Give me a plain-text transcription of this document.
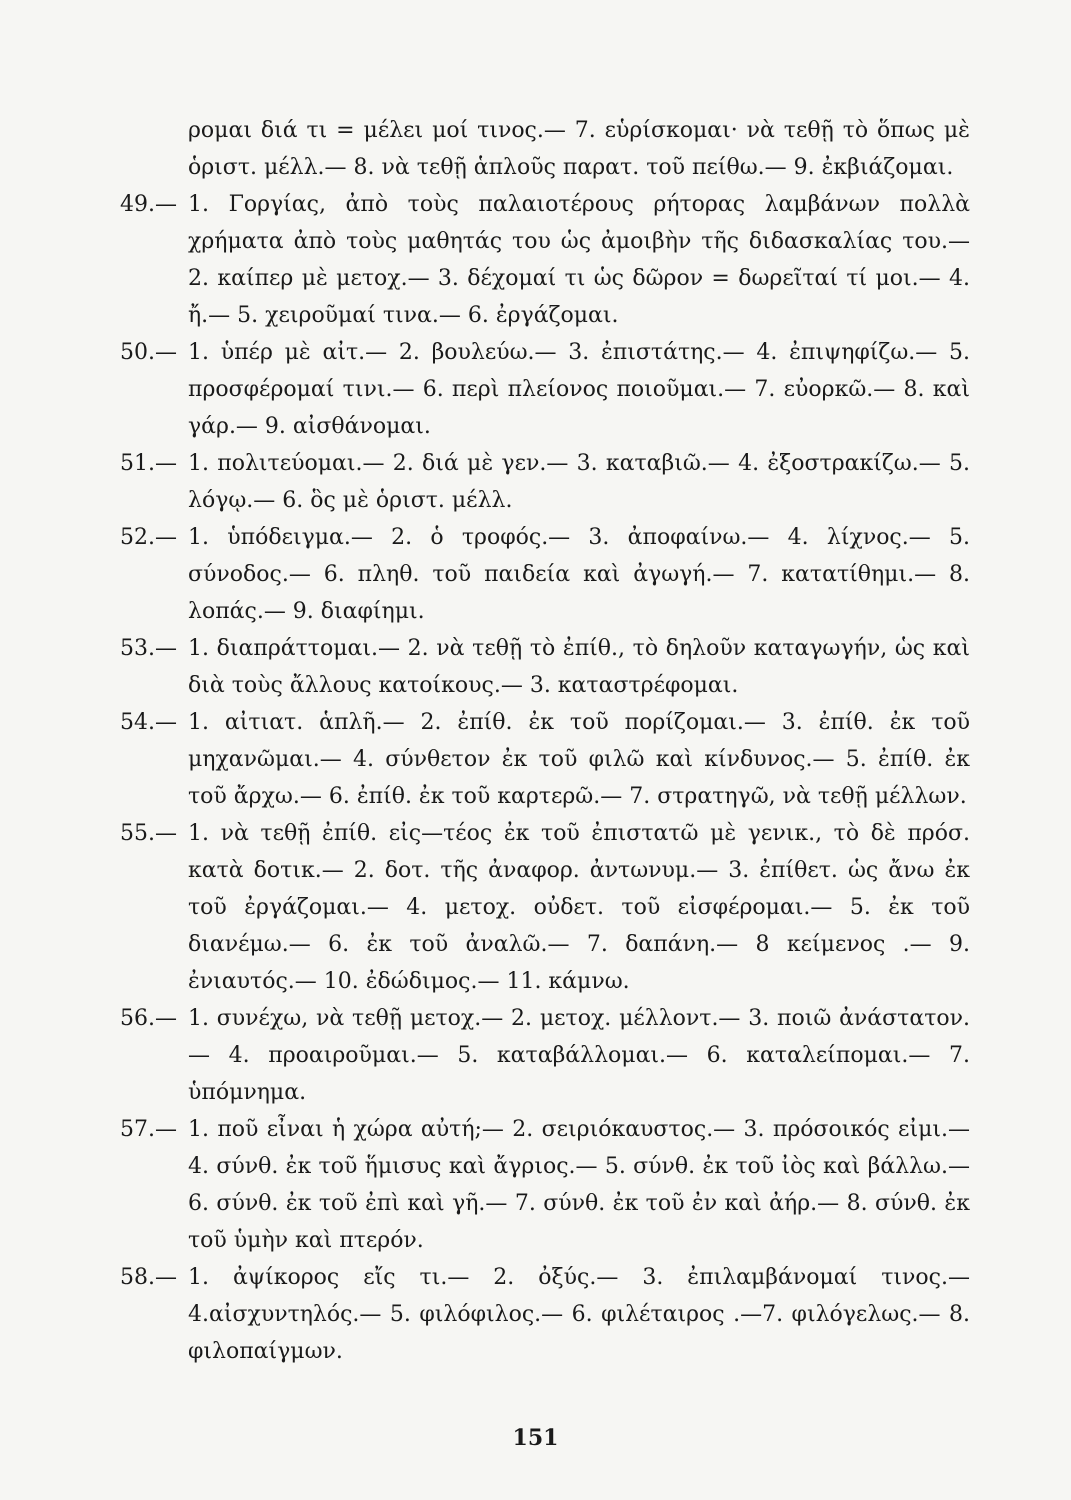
ρομαι διά τι = μέλει μοί τινος.— 7. εὑρίσκομαι· νὰ τεθῇ τὸ ὅπως μὲ ὁριστ. μέλλ.— 8. νὰ τεθῇ ἁπλοῦς παρατ. τοῦ πείθω.— 9. ἐκβιάζομαι.
49.— 1. Γοργίας, ἀπὸ τοὺς παλαιοτέρους ρήτορας λαμβάνων πολλὰ χρήματα ἀπὸ τοὺς μαθητάς του ὡς ἀμοιβὴν τῆς διδασκαλίας του.— 2. καίπερ μὲ μετοχ.— 3. δέχομαί τι ὡς δῶρον = δωρεῖταί τί μοι.— 4. ἤ.— 5. χειροῦμαί τινα.— 6. ἐργάζομαι.
50.— 1. ὑπέρ μὲ αἰτ.— 2. βουλεύω.— 3. ἐπιστάτης.— 4. ἐπιψηφίζω.— 5. προσφέρομαί τινι.— 6. περὶ πλείονος ποιοῦμαι.— 7. εὐορκῶ.— 8. καὶ γάρ.— 9. αἰσθάνομαι.
51.— 1. πολιτεύομαι.— 2. διά μὲ γεν.— 3. καταβιῶ.— 4. ἐξοστρακίζω.— 5. λόγῳ.— 6. ὃς μὲ ὁριστ. μέλλ.
52.— 1. ὑπόδειγμα.— 2. ὁ τροφός.— 3. ἀποφαίνω.— 4. λίχνος.— 5. σύνοδος.— 6. πληθ. τοῦ παιδεία καὶ ἀγωγή.— 7. κατατίθημι.— 8. λοπάς.— 9. διαφίημι.
53.— 1. διαπράττομαι.— 2. νὰ τεθῇ τὸ ἐπίθ., τὸ δηλοῦν καταγωγήν, ὡς καὶ διὰ τοὺς ἄλλους κατοίκους.— 3. καταστρέφομαι.
54.— 1. αἰτιατ. ἁπλῆ.— 2. ἐπίθ. ἐκ τοῦ πορίζομαι.— 3. ἐπίθ. ἐκ τοῦ μηχανῶμαι.— 4. σύνθετον ἐκ τοῦ φιλῶ καὶ κίνδυνος.— 5. ἐπίθ. ἐκ τοῦ ἄρχω.— 6. ἐπίθ. ἐκ τοῦ καρτερῶ.— 7. στρατηγῶ, νὰ τεθῇ μέλλων.
55.— 1. νὰ τεθῇ ἐπίθ. εἰς—τέος ἐκ τοῦ ἐπιστατῶ μὲ γενικ., τὸ δὲ πρόσ. κατὰ δοτικ.— 2. δοτ. τῆς ἀναφορ. ἀντωνυμ.— 3. ἐπίθετ. ὡς ἄνω ἐκ τοῦ ἐργάζομαι.— 4. μετοχ. οὐδετ. τοῦ εἰσφέρομαι.— 5. ἐκ τοῦ διανέμω.— 6. ἐκ τοῦ ἀναλῶ.— 7. δαπάνη.— 8 κείμενος .— 9. ἐνιαυτός.— 10. ἐδώδιμος.— 11. κάμνω.
56.— 1. συνέχω, νὰ τεθῇ μετοχ.— 2. μετοχ. μέλλοντ.— 3. ποιῶ ἀνάστατον.— 4. προαιροῦμαι.— 5. καταβάλλομαι.— 6. καταλείπομαι.— 7. ὑπόμνημα.
57.— 1. ποῦ εἶναι ἡ χώρα αὐτή;— 2. σειριόκαυστος.— 3. πρόσοικός εἰμι.— 4. σύνθ. ἐκ τοῦ ἥμισυς καὶ ἄγριος.— 5. σύνθ. ἐκ τοῦ ἰὸς καὶ βάλλω.— 6. σύνθ. ἐκ τοῦ ἐπὶ καὶ γῆ.— 7. σύνθ. ἐκ τοῦ ἐν καὶ ἀήρ.— 8. σύνθ. ἐκ τοῦ ὑμὴν καὶ πτερόν.
58.— 1. ἀψίκορος εἴς τι.— 2. ὀξύς.— 3. ἐπιλαμβάνομαί τινος.— 4.αἰσχυντηλός.— 5. φιλόφιλος.— 6. φιλέταιρος .—7. φιλόγελως.— 8. φιλοπαίγμων.
151
